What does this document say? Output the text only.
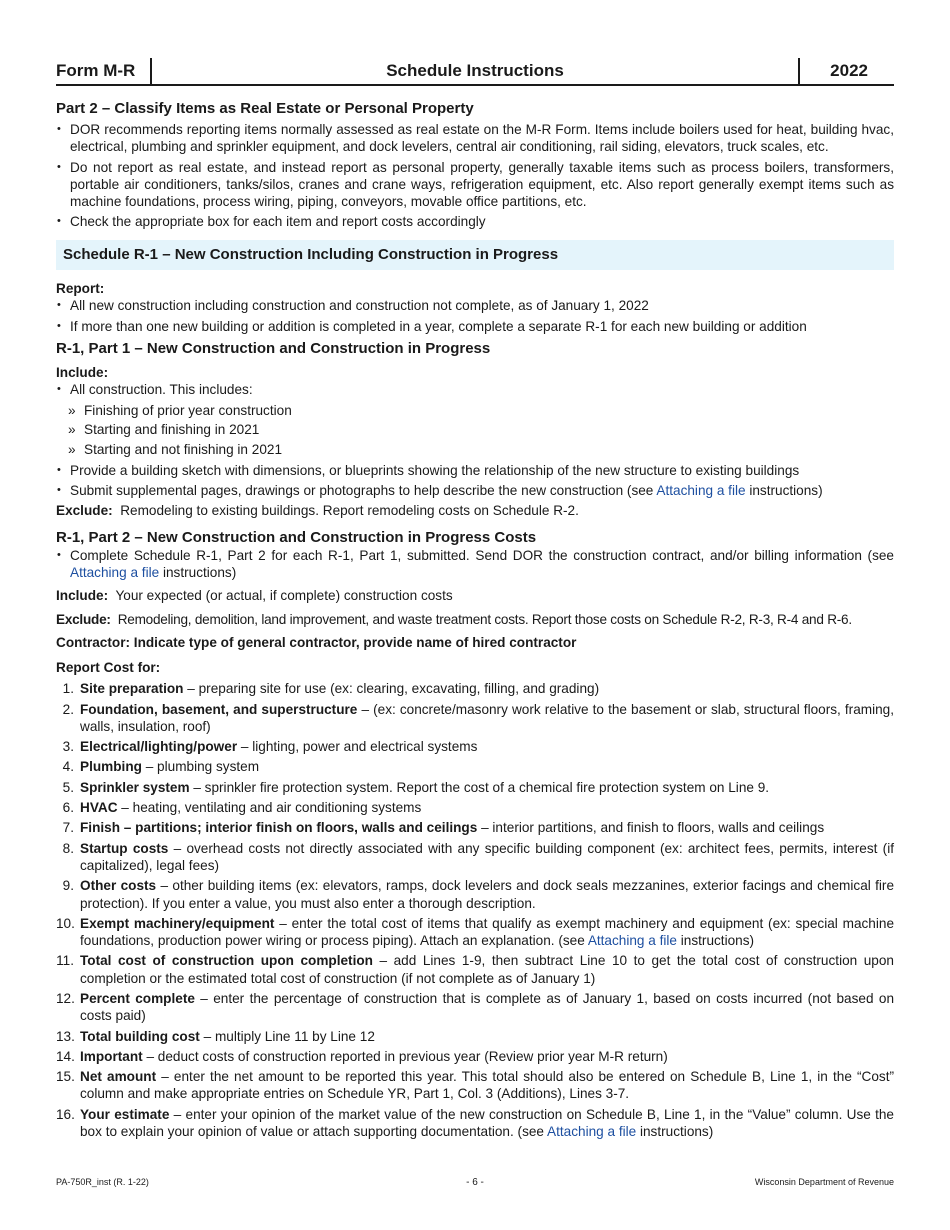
Form M-R	Schedule Instructions	2022
Part 2 – Classify Items as Real Estate or Personal Property
• DOR recommends reporting items normally assessed as real estate on the M-R Form. Items include boilers used for heat, building hvac, electrical, plumbing and sprinkler equipment, and dock levelers, central air conditioning, rail siding, elevators, truck scales, etc.
• Do not report as real estate, and instead report as personal property, generally taxable items such as process boilers, transformers, portable air conditioners, tanks/silos, cranes and crane ways, refrigeration equipment, etc. Also report generally exempt items such as machine foundations, process wiring, piping, conveyors, movable office partitions, etc.
• Check the appropriate box for each item and report costs accordingly
Schedule R-1 – New Construction Including Construction in Progress

Report:

• All new construction including construction and construction not complete, as of January 1, 2022
• If more than one new building or addition is completed in a year, complete a separate R-1 for each new building or addition
R-1, Part 1 – New Construction and Construction in Progress

Include:

• All construction. This includes:
» Finishing of prior year construction
» Starting and finishing in 2021
» Starting and not finishing in 2021
• Provide a building sketch with dimensions, or blueprints showing the relationship of the new structure to existing buildings
• Submit supplemental pages, drawings or photographs to help describe the new construction (see Attaching a file instructions)

Exclude: Remodeling to existing buildings. Report remodeling costs on Schedule R-2.

R-1, Part 2 – New Construction and Construction in Progress Costs
• Complete Schedule R-1, Part 2 for each R-1, Part 1, submitted. Send DOR the construction contract, and/or billing information (see Attaching a file instructions)

Include: Your expected (or actual, if complete) construction costs

Exclude: Remodeling, demolition, land improvement, and waste treatment costs. Report those costs on Schedule R-2, R-3, R-4 and R-6.

Contractor: Indicate type of general contractor, provide name of hired contractor

Report Cost for:

1. Site preparation – preparing site for use (ex: clearing, excavating, filling, and grading)
2. Foundation, basement, and superstructure – (ex: concrete/masonry work relative to the basement or slab, structural floors, framing, walls, insulation, roof)
3. Electrical/lighting/power – lighting, power and electrical systems
4. Plumbing – plumbing system
5. Sprinkler system – sprinkler fire protection system. Report the cost of a chemical fire protection system on Line 9.
6. HVAC – heating, ventilating and air conditioning systems
7. Finish – partitions; interior finish on floors, walls and ceilings – interior partitions, and finish to floors, walls and ceilings
8. Startup costs – overhead costs not directly associated with any specific building component (ex: architect fees, permits, interest (if capitalized), legal fees)
9. Other costs – other building items (ex: elevators, ramps, dock levelers and dock seals mezzanines, exterior facings and chemical fire protection). If you enter a value, you must also enter a thorough description.
10. Exempt machinery/equipment – enter the total cost of items that qualify as exempt machinery and equipment (ex: special machine foundations, production power wiring or process piping). Attach an explanation. (see Attaching a file instructions)
11. Total cost of construction upon completion – add Lines 1-9, then subtract Line 10 to get the total cost of construction upon completion or the estimated total cost of construction (if not complete as of January 1)
12. Percent complete – enter the percentage of construction that is complete as of January 1, based on costs incurred (not based on costs paid)
13. Total building cost – multiply Line 11 by Line 12
14. Important – deduct costs of construction reported in previous year (Review prior year M-R return)
15. Net amount – enter the net amount to be reported this year. This total should also be entered on Schedule B, Line 1, in the “Cost” column and make appropriate entries on Schedule YR, Part 1, Col. 3 (Additions), Lines 3-7.
16. Your estimate – enter your opinion of the market value of the new construction on Schedule B, Line 1, in the “Value” column. Use the box to explain your opinion of value or attach supporting documentation. (see Attaching a file instructions)
PA-750R_inst (R. 1-22)	- 6 -	Wisconsin Department of Revenue
